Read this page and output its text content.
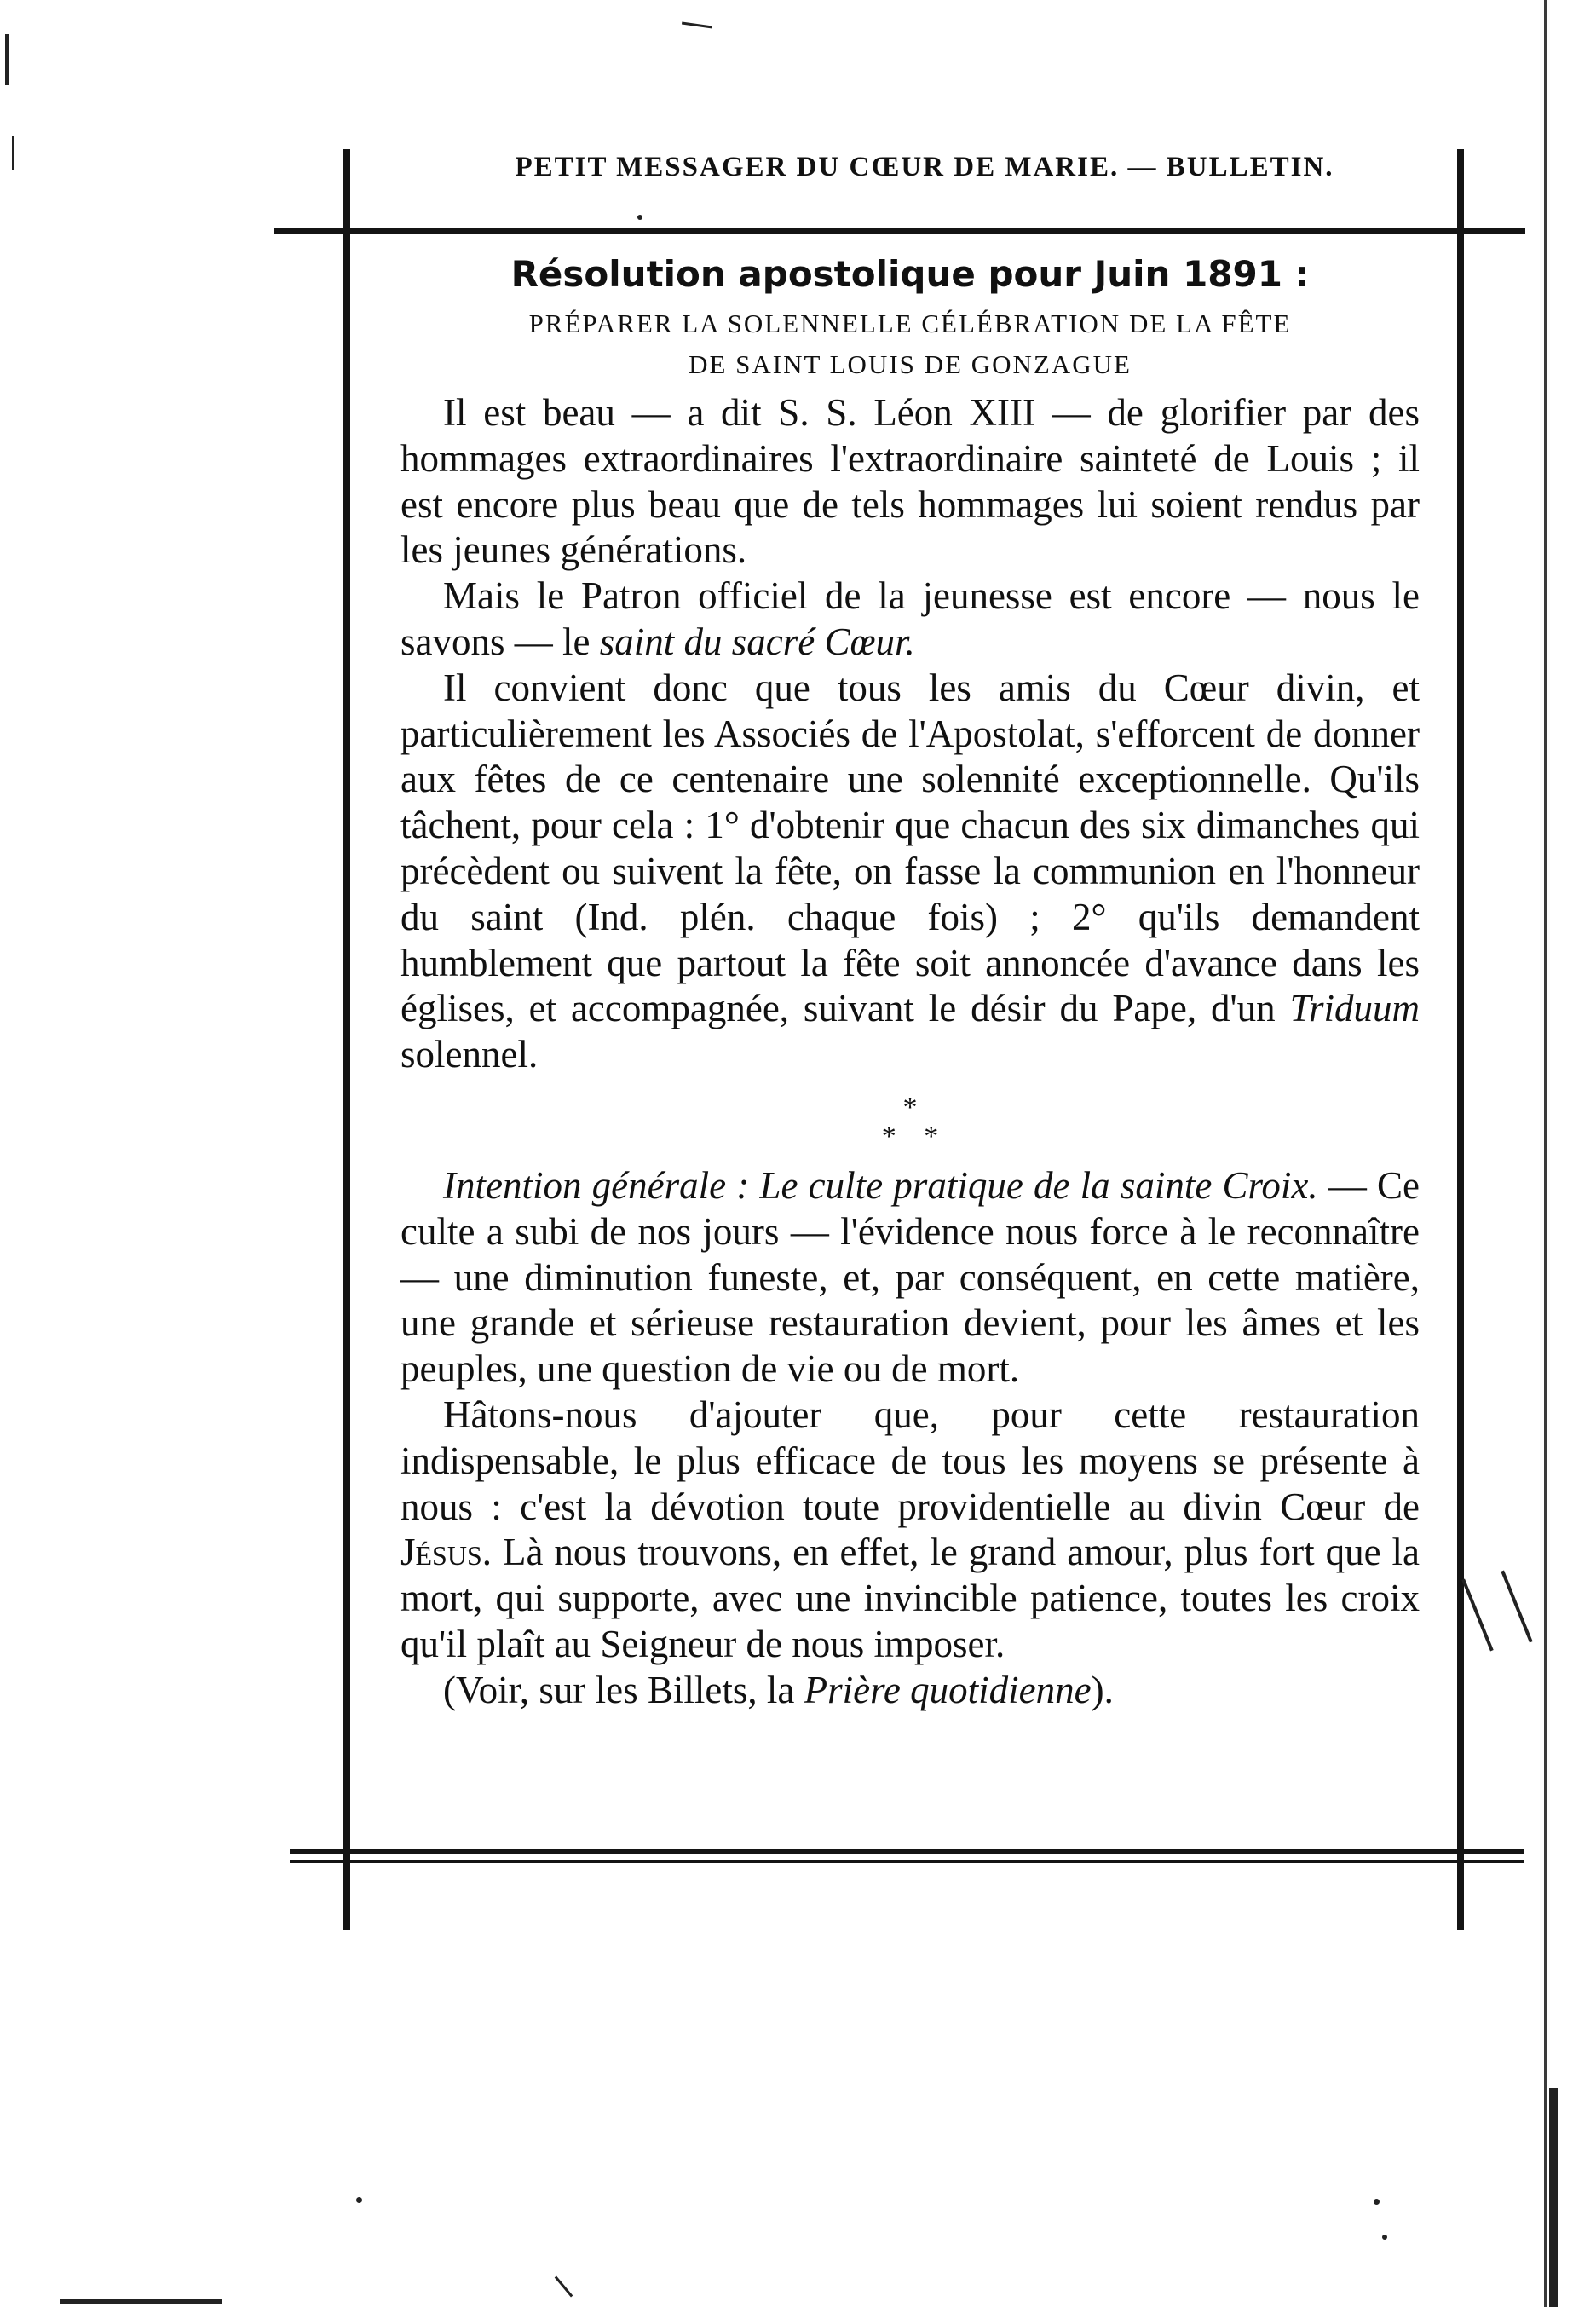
PETIT MESSAGER DU CŒUR DE MARIE. — BULLETIN.

Résolution apostolique pour Juin 1891 :

PRÉPARER LA SOLENNELLE CÉLÉBRATION DE LA FÊTE
DE SAINT LOUIS DE GONZAGUE

Il est beau — a dit S. S. Léon XIII — de glorifier par des hommages extraordinaires l'extraordinaire sainteté de Louis ; il est encore plus beau que de tels hommages lui soient rendus par les jeunes générations.

Mais le Patron officiel de la jeunesse est encore — nous le savons — le saint du sacré Cœur.

Il convient donc que tous les amis du Cœur divin, et particulièrement les Associés de l'Apostolat, s'efforcent de donner aux fêtes de ce centenaire une solennité exceptionnelle. Qu'ils tâchent, pour cela : 1° d'obtenir que chacun des six dimanches qui précèdent ou suivent la fête, on fasse la communion en l'honneur du saint (Ind. plén. chaque fois) ; 2° qu'ils demandent humblement que partout la fête soit annoncée d'avance dans les églises, et accompagnée, suivant le désir du Pape, d'un Triduum solennel.

*
* *

Intention générale : Le culte pratique de la sainte Croix. — Ce culte a subi de nos jours — l'évidence nous force à le reconnaître — une diminution funeste, et, par conséquent, en cette matière, une grande et sérieuse restauration devient, pour les âmes et les peuples, une question de vie ou de mort.

Hâtons-nous d'ajouter que, pour cette restauration indispensable, le plus efficace de tous les moyens se présente à nous : c'est la dévotion toute providentielle au divin Cœur de Jésus. Là nous trouvons, en effet, le grand amour, plus fort que la mort, qui supporte, avec une invincible patience, toutes les croix qu'il plaît au Seigneur de nous imposer.

(Voir, sur les Billets, la Prière quotidienne).
